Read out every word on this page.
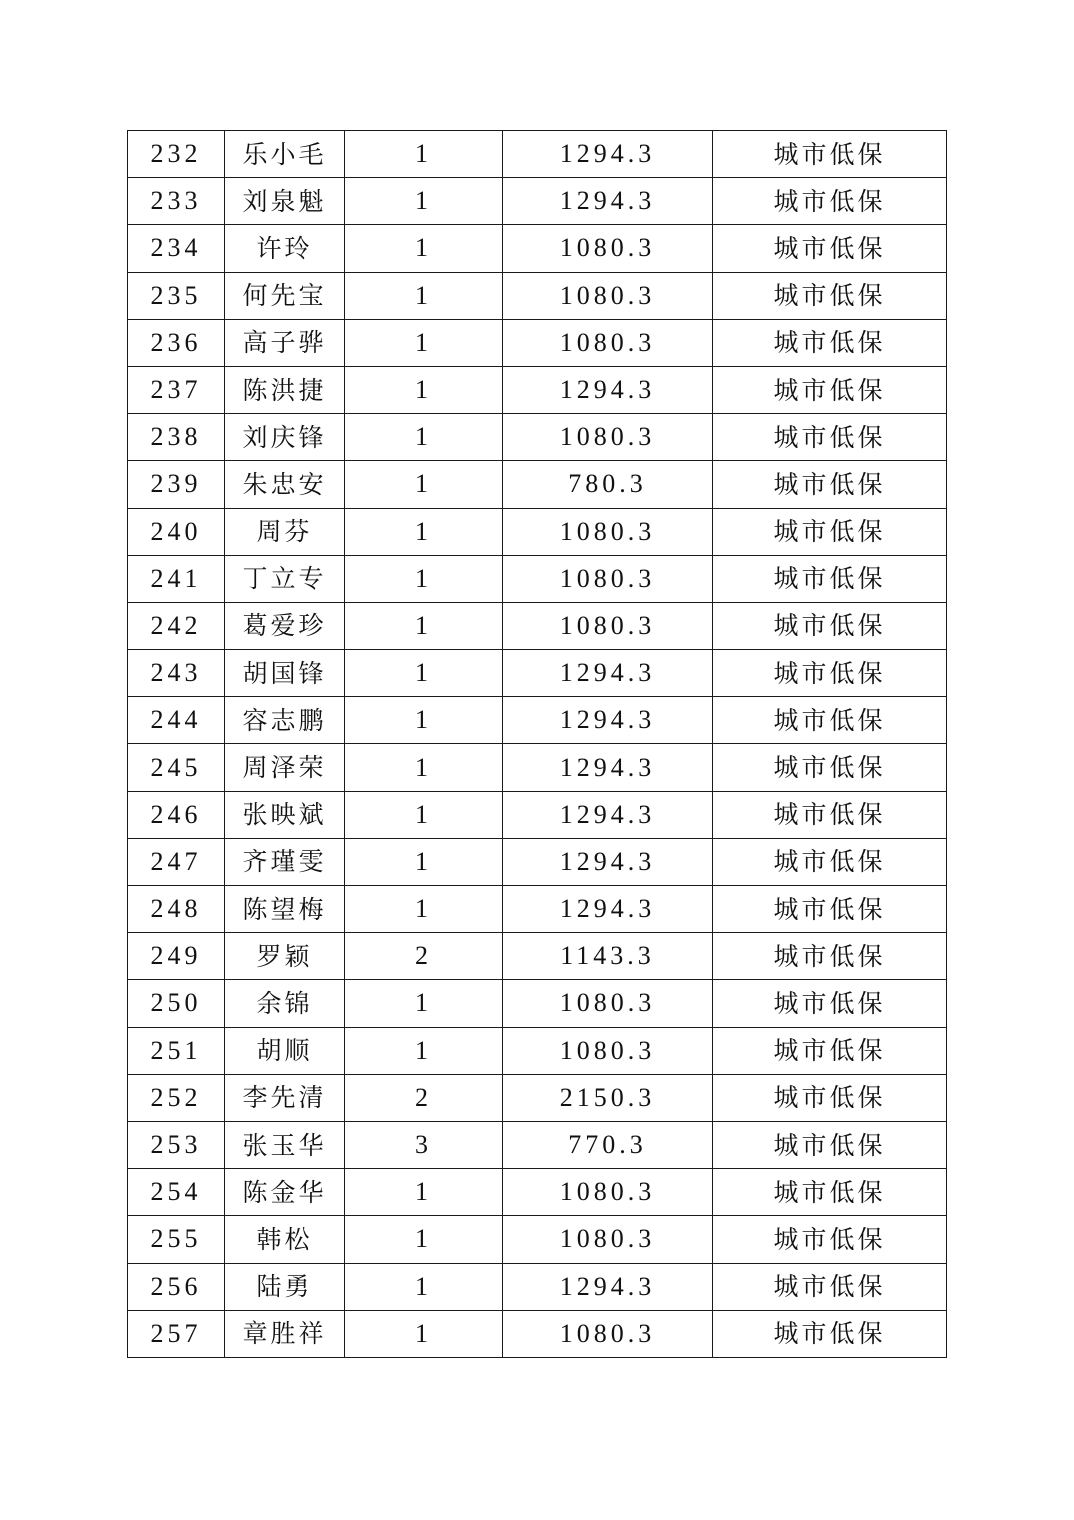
232	乐小毛	1	1294.3	城市低保
233	刘泉魁	1	1294.3	城市低保
234	许玲	1	1080.3	城市低保
235	何先宝	1	1080.3	城市低保
236	高子骅	1	1080.3	城市低保
237	陈洪捷	1	1294.3	城市低保
238	刘庆锋	1	1080.3	城市低保
239	朱忠安	1	780.3	城市低保
240	周芬	1	1080.3	城市低保
241	丁立专	1	1080.3	城市低保
242	葛爱珍	1	1080.3	城市低保
243	胡国锋	1	1294.3	城市低保
244	容志鹏	1	1294.3	城市低保
245	周泽荣	1	1294.3	城市低保
246	张映斌	1	1294.3	城市低保
247	齐瑾雯	1	1294.3	城市低保
248	陈望梅	1	1294.3	城市低保
249	罗颖	2	1143.3	城市低保
250	余锦	1	1080.3	城市低保
251	胡顺	1	1080.3	城市低保
252	李先清	2	2150.3	城市低保
253	张玉华	3	770.3	城市低保
254	陈金华	1	1080.3	城市低保
255	韩松	1	1080.3	城市低保
256	陆勇	1	1294.3	城市低保
257	章胜祥	1	1080.3	城市低保
